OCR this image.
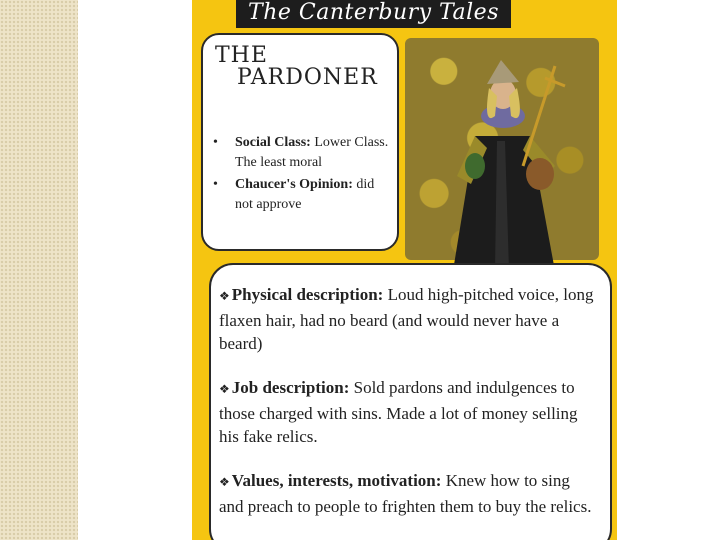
The Canterbury Tales
THE
PARDONER
• Social Class: Lower Class. The least moral
• Chaucer's Opinion: did not approve
❖ Physical description: Loud high-pitched voice, long flaxen hair, had no beard (and would never have a beard)
❖ Job description: Sold pardons and indulgences to those charged with sins. Made a lot of money selling his fake relics.
❖ Values, interests, motivation: Knew how to sing and preach to people to frighten them to buy the relics.
